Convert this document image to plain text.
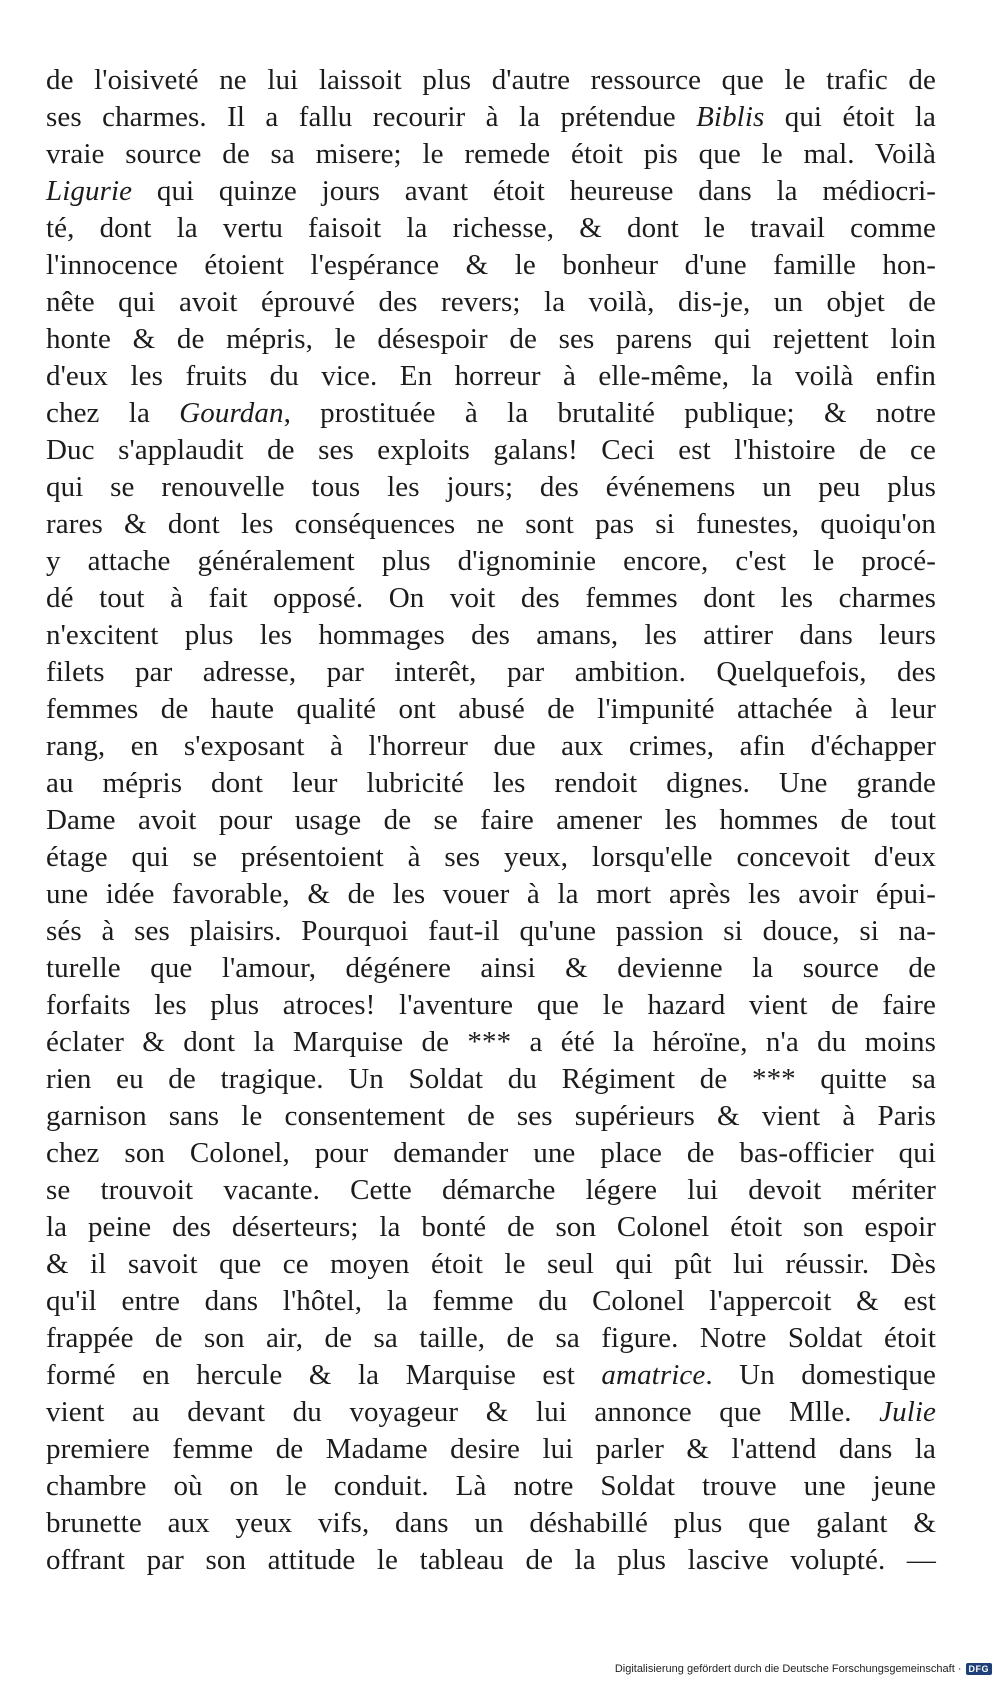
de l'oisiveté ne lui laissoit plus d'autre ressource que le trafic de
ses charmes. Il a fallu recourir à la prétendue Biblis qui étoit la
vraie source de sa misere; le remede étoit pis que le mal. Voilà
Ligurie qui quinze jours avant étoit heureuse dans la médiocri-
té, dont la vertu faisoit la richesse, & dont le travail comme
l'innocence étoient l'espérance & le bonheur d'une famille hon-
nête qui avoit éprouvé des revers; la voilà, dis-je, un objet de
honte & de mépris, le désespoir de ses parens qui rejettent loin
d'eux les fruits du vice. En horreur à elle-même, la voilà enfin
chez la Gourdan, prostituée à la brutalité publique; & notre
Duc s'applaudit de ses exploits galans! Ceci est l'histoire de ce
qui se renouvelle tous les jours; des événemens un peu plus
rares & dont les conséquences ne sont pas si funestes, quoiqu'on
y attache généralement plus d'ignominie encore, c'est le procé-
dé tout à fait opposé. On voit des femmes dont les charmes
n'excitent plus les hommages des amans, les attirer dans leurs
filets par adresse, par interêt, par ambition. Quelquefois, des
femmes de haute qualité ont abusé de l'impunité attachée à leur
rang, en s'exposant à l'horreur due aux crimes, afin d'échapper
au mépris dont leur lubricité les rendoit dignes. Une grande
Dame avoit pour usage de se faire amener les hommes de tout
étage qui se présentoient à ses yeux, lorsqu'elle concevoit d'eux
une idée favorable, & de les vouer à la mort après les avoir épui-
sés à ses plaisirs. Pourquoi faut-il qu'une passion si douce, si na-
turelle que l'amour, dégénere ainsi & devienne la source de
forfaits les plus atroces! l'aventure que le hazard vient de faire
éclater & dont la Marquise de *** a été la héroïne, n'a du moins
rien eu de tragique. Un Soldat du Régiment de *** quitte sa
garnison sans le consentement de ses supérieurs & vient à Paris
chez son Colonel, pour demander une place de bas-officier qui
se trouvoit vacante. Cette démarche légere lui devoit mériter
la peine des déserteurs; la bonté de son Colonel étoit son espoir
& il savoit que ce moyen étoit le seul qui pût lui réussir. Dès
qu'il entre dans l'hôtel, la femme du Colonel l'appercoit & est
frappée de son air, de sa taille, de sa figure. Notre Soldat étoit
formé en hercule & la Marquise est amatrice. Un domestique
vient au devant du voyageur & lui annonce que Mlle. Julie
premiere femme de Madame desire lui parler & l'attend dans la
chambre où on le conduit. Là notre Soldat trouve une jeune
brunette aux yeux vifs, dans un déshabillé plus que galant &
offrant par son attitude le tableau de la plus lascive volupté. —
Digitalisierung gefördert durch die Deutsche Forschungsgemeinschaft · DFG
